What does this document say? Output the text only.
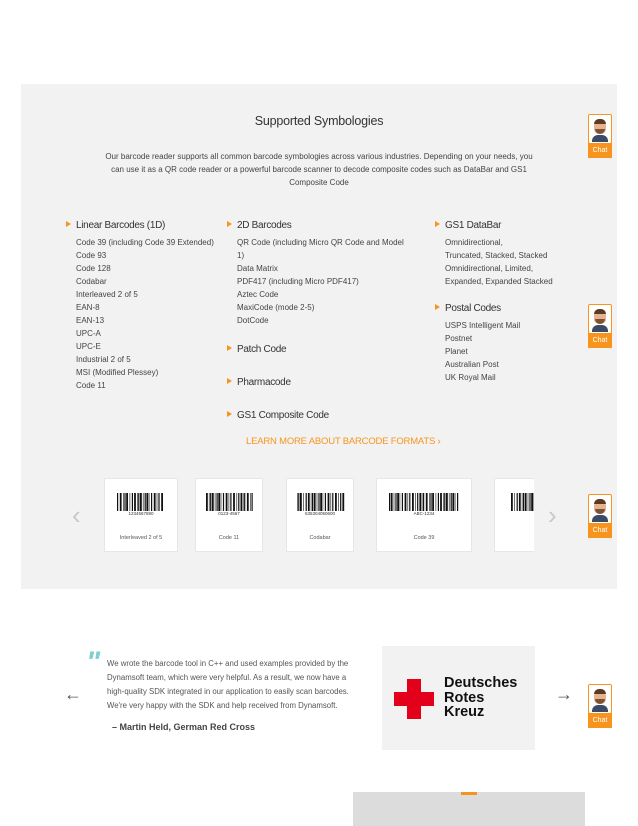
Supported Symbologies
Our barcode reader supports all common barcode symbologies across various industries. Depending on your needs, you can use it as a QR code reader or a powerful barcode scanner to decode composite codes such as DataBar and GS1 Composite Code
Linear Barcodes (1D)
Code 39 (including Code 39 Extended)
Code 93
Code 128
Codabar
Interleaved 2 of 5
EAN-8
EAN-13
UPC-A
UPC-E
Industrial 2 of 5
MSI (Modified Plessey)
Code 11
2D Barcodes
QR Code (including Micro QR Code and Model 1)
Data Matrix
PDF417 (including Micro PDF417)
Aztec Code
MaxiCode (mode 2-5)
DotCode
Patch Code
Pharmacode
GS1 Composite Code
GS1 DataBar
Omnidirectional,
Truncated, Stacked, Stacked
Omnidirectional, Limited,
Expanded, Expanded Stacked
Postal Codes
USPS Intelligent Mail
Postnet
Planet
Australian Post
UK Royal Mail
LEARN MORE ABOUT BARCODE FORMATS ›
‹	1234567890
Interleaved 2 of 5
0123-4567
Code 11
635304050600
Codabar
ABC-1234
Code 39
›
Chat
Chat
Chat
Chat
←
" We wrote the barcode tool in C++ and used examples provided by the Dynamsoft team, which were very helpful. As a result, we now have a high-quality SDK integrated in our application to easily scan barcodes. We're very happy with the SDK and help received from Dynamsoft.
– Martin Held, German Red Cross
Deutsches
Rotes
Kreuz
→
